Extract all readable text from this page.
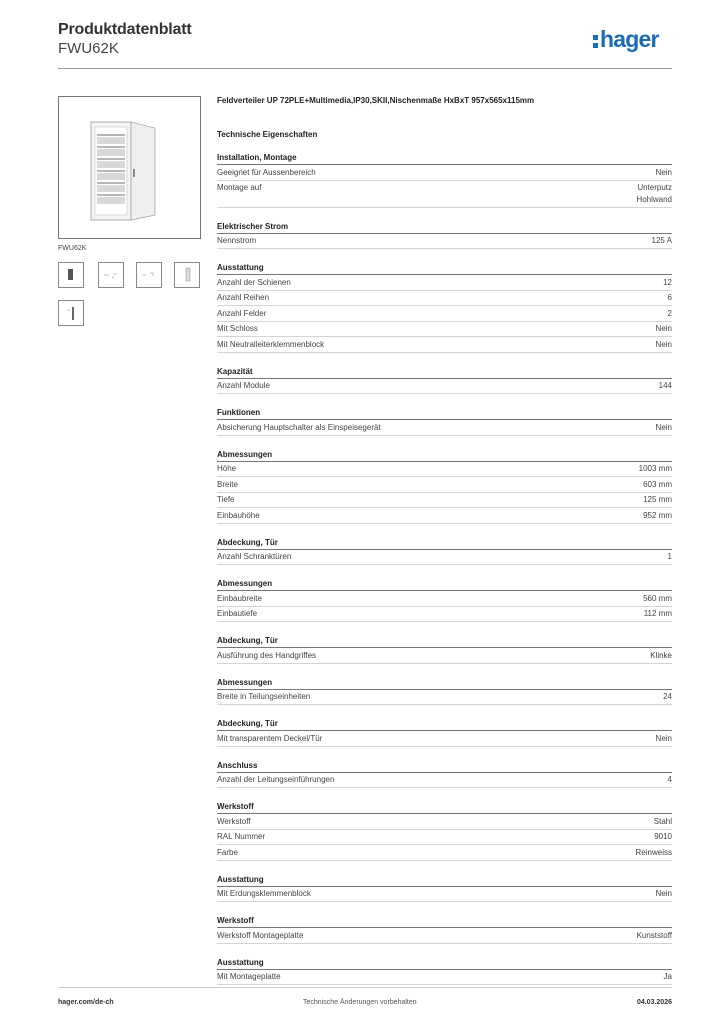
Produktdatenblatt
FWU62K	hager
FWU62K
Feldverteiler UP 72PLE+Multimedia,IP30,SKII,Nischenmaße HxBxT 957x565x115mm
Technische Eigenschaften
Installation, Montage
Geeignet für Aussenbereich	Nein
Montage auf	Unterputz
Hohlwand
Elektrischer Strom
Nennstrom	125 A
Ausstattung
Anzahl der Schienen	12
Anzahl Reihen	6
Anzahl Felder	2
Mit Schloss	Nein
Mit Neutralleiterklemmenblock	Nein
Kapazität
Anzahl Module	144
Funktionen
Absicherung Hauptschalter als Einspeisegerät	Nein
Abmessungen
Höhe	1003 mm
Breite	603 mm
Tiefe	125 mm
Einbauhöhe	952 mm
Abdeckung, Tür
Anzahl Schranktüren	1
Abmessungen
Einbaubreite	560 mm
Einbautiefe	112 mm
Abdeckung, Tür
Ausführung des Handgriffes	Klinke
Abmessungen
Breite in Teilungseinheiten	24
Abdeckung, Tür
Mit transparentem Deckel/Tür	Nein
Anschluss
Anzahl der Leitungseinführungen	4
Werkstoff
Werkstoff	Stahl
RAL Nummer	9010
Farbe	Reinweiss
Ausstattung
Mit Erdungsklemmenblock	Nein
Werkstoff
Werkstoff Montageplatte	Kunststoff
Ausstattung
Mit Montageplatte	Ja
hager.com/de-ch	Technische Änderungen vorbehalten	04.03.2026
